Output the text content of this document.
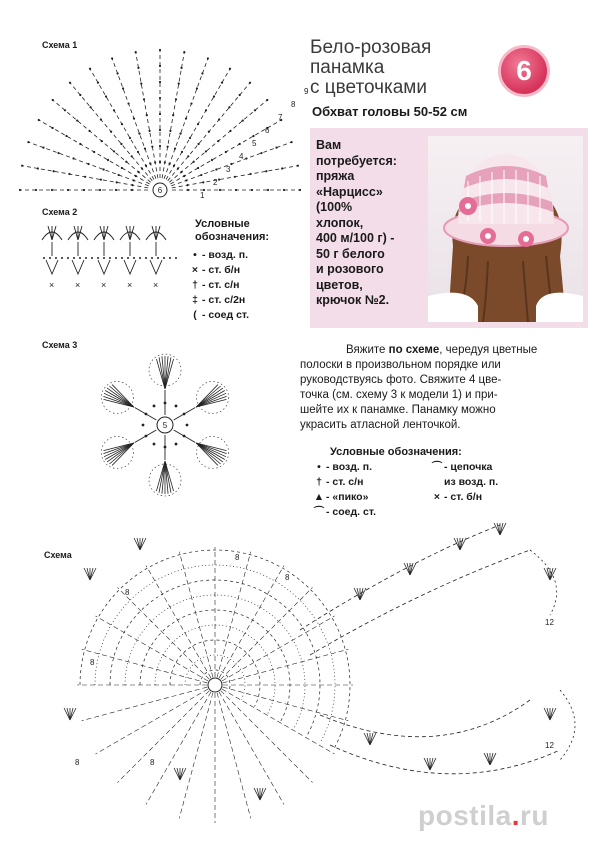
Схема 1
6
1
2
3
4
5
6
7
8
9
Схема 2
× × × × ×
Условные обозначения:
• - возд. п.
× - ст. б/н
† - ст. с/н
‡ - ст. с/2н
( - соед ст.
Схема 3
5
Бело-розовая
панамка
с цветочками
6
Обхват головы 50-52 см
Вам
потребуется:
пряжа
«Нарцисс»
(100%
хлопок,
400 м/100 г) -
50 г белого
и розового
цветов,
крючок №2.
Вяжите по схеме, чередуя цветные
полоски в произвольном порядке или
руководствуясь фото. Свяжите 4 цве-
точка (см. схему 3 к модели 1) и при-
шейте их к панамке. Панамку можно
украсить атласной ленточкой.
Условные обозначения:
• - возд. п.
† - ст. с/н
▲ - «пико»
⌒ - соед. ст.
⌒ - цепочка
из возд. п.
× - ст. б/н
Схема
8
8
8
8
8
8
12
12
postila.ru
